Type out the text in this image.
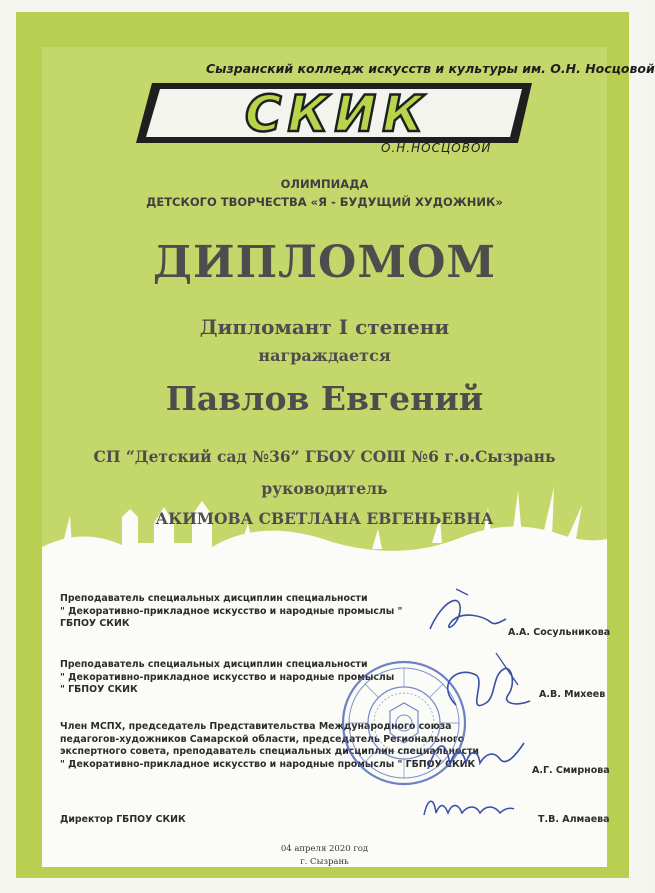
Сызранский колледж искусств и культуры им. О.Н. Носцовой
СКИК
О.Н.НОСЦОВОЙ
ОЛИМПИАДА
ДЕТСКОГО ТВОРЧЕСТВА «Я - БУДУЩИЙ ХУДОЖНИК»
ДИПЛОМОМ
Дипломант I степени
награждается
Павлов Евгений
СП “Детский сад №36” ГБОУ СОШ №6 г.о.Сызрань
руководитель
АКИМОВА СВЕТЛАНА ЕВГЕНЬЕВНА
Преподаватель специальных дисциплин специальности
" Декоративно-прикладное искусство и народные промыслы "
ГБПОУ СКИК
А.А. Сосульникова
Преподаватель специальных дисциплин специальности
" Декоративно-прикладное искусство и народные промыслы
" ГБПОУ СКИК	А.В. Михеев
Член МСПХ, председатель Представительства Международного союза
педагогов-художников Самарской области, председатель Регионального
экспертного совета, преподаватель специальных дисциплин специальности
" Декоративно-прикладное искусство и народные промыслы " ГБПОУ СКИК
А.Г. Смирнова
Директор ГБПОУ СКИК	Т.В. Алмаева
04 апреля 2020 год
г. Сызрань
